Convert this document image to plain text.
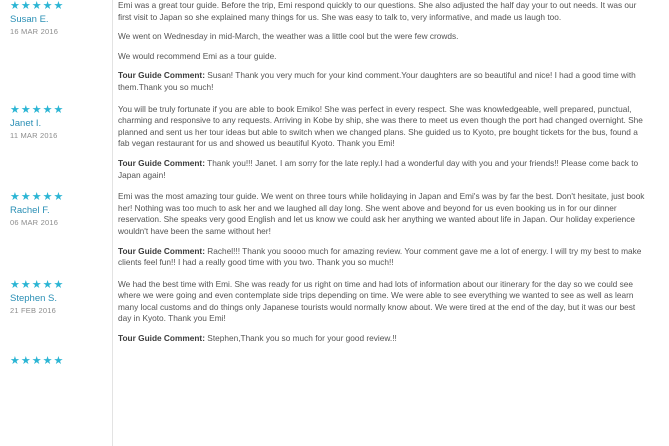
★★★★★
Susan E.
16 MAR 2016

Emi was a great tour guide. Before the trip, Emi respond quickly to our questions. She also adjusted the half day your to out needs. It was our first visit to Japan so she explained many things for us. She was easy to talk to, very informative, and made us laugh too.

We went on Wednesday in mid-March, the weather was a little cool but the were few crowds.

We would recommend Emi as a tour guide.

Tour Guide Comment: Susan! Thank you very much for your kind comment.Your daughters are so beautiful and nice! I had a good time with them.Thank you so much!

★★★★★
Janet I.
11 MAR 2016

You will be truly fortunate if you are able to book Emiko! She was perfect in every respect. She was knowledgeable, well prepared, punctual, charming and responsive to any requests. Arriving in Kobe by ship, she was there to meet us even though the port had changed overnight. She planned and sent us her tour ideas but able to switch when we changed plans. She guided us to Kyoto, pre bought tickets for the bus, found a fab vegan restaurant for us and showed us beautiful Kyoto. Thank you Emi!

Tour Guide Comment: Thank you!!! Janet. I am sorry for the late reply.I had a wonderful day with you and your friends!! Please come back to Japan again!

★★★★★
Rachel F.
06 MAR 2016

Emi was the most amazing tour guide. We went on three tours while holidaying in Japan and Emi's was by far the best. Don't hesitate, just book her! Nothing was too much to ask her and we laughed all day long. She went above and beyond for us even booking us in for our dinner reservation. She speaks very good English and let us know we could ask her anything we wanted about life in Japan. Our holiday experience wouldn't have been the same without her!

Tour Guide Comment: Rachel!!! Thank you soooo much for amazing review. Your comment gave me a lot of energy. I will try my best to make clients feel fun!! I had a really good time with you two. Thank you so much!!

★★★★★
Stephen S.
21 FEB 2016

We had the best time with Emi. She was ready for us right on time and had lots of information about our itinerary for the day so we could see where we were going and even contemplate side trips depending on time. We were able to see everything we wanted to see as well as learn many local customs and do things only Japanese tourists would normally know about. We were tired at the end of the day, but it was our best day in Kyoto. Thank you Emi!

Tour Guide Comment: Stephen,Thank you so much for your good review.!!

★★★★★
